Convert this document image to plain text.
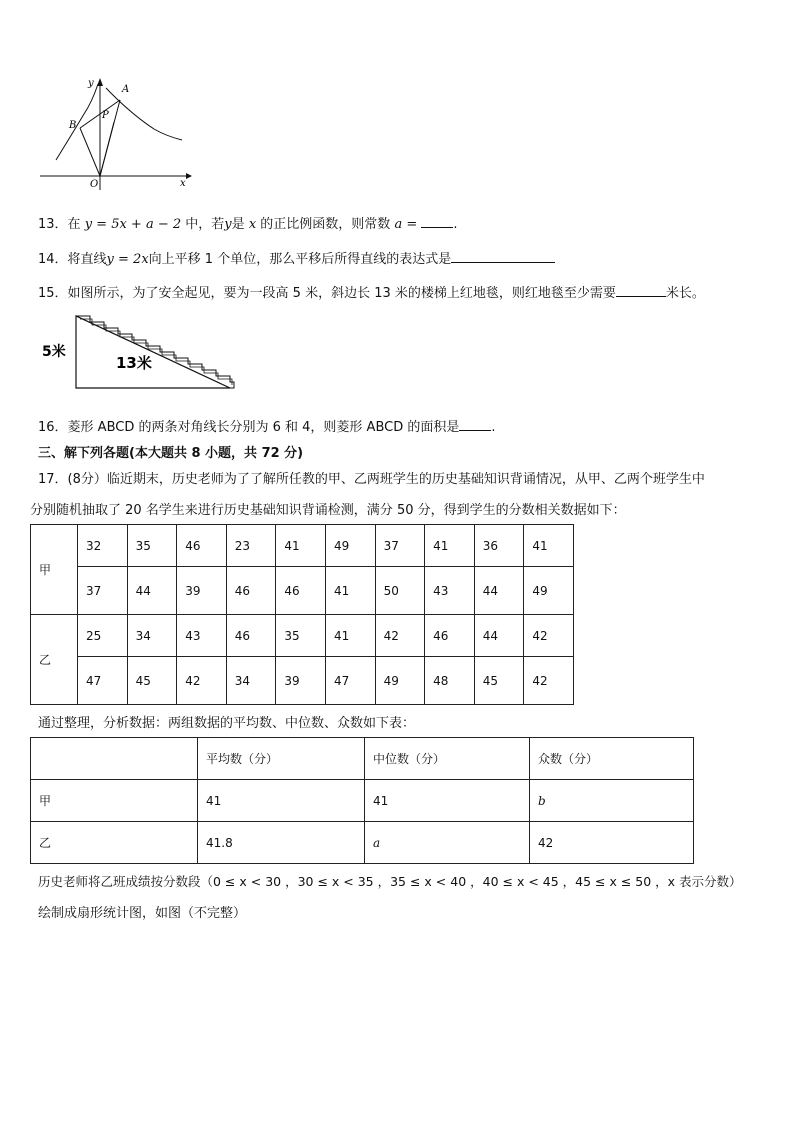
y
x
O
A
B
P
13．在 y = 5x + a − 2 中，若y是 x 的正比例函数，则常数 a =	.
14．将直线y = 2x向上平移 1 个单位，那么平移后所得直线的表达式是
15．如图所示，为了安全起见，要为一段高 5 米，斜边长 13 米的楼梯上红地毯，则红地毯至少需要	米长。
5米
13米
16．菱形 ABCD 的两条对角线长分别为 6 和 4，则菱形 ABCD 的面积是 .
三、解下列各题(本大题共 8 小题，共 72 分)
17．(8分）临近期末，历史老师为了了解所任教的甲、乙两班学生的历史基础知识背诵情况，从甲、乙两个班学生中
分别随机抽取了 20 名学生来进行历史基础知识背诵检测，满分 50 分，得到学生的分数相关数据如下：
甲	32	35	46	23	41	49	37	41	36	41
	37	44	39	46	46	41	50	43	44	49
乙	25	34	43	46	35	41	42	46	44	42
	47	45	42	34	39	47	49	48	45	42
通过整理，分析数据：两组数据的平均数、中位数、众数如下表：
	平均数（分）	中位数（分）	众数（分）
甲	41	41	b
乙	41.8	a	42
历史老师将乙班成绩按分数段（0 ≤ x < 30 ，30 ≤ x < 35 ，35 ≤ x < 40 ，40 ≤ x < 45 ，45 ≤ x ≤ 50 ，x 表示分数）
绘制成扇形统计图，如图（不完整）
